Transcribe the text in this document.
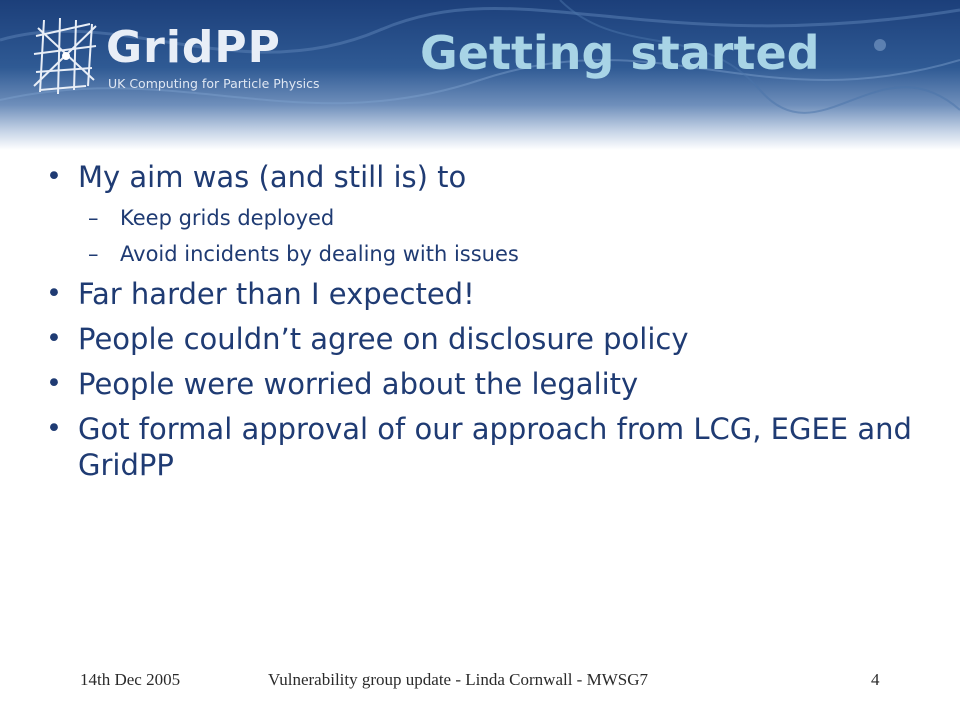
GridPP
UK Computing for Particle Physics
Getting started
• My aim was (and still is) to
– Keep grids deployed
– Avoid incidents by dealing with issues
• Far harder than I expected!
• People couldn’t agree on disclosure policy
• People were worried about the legality
• Got formal approval of our approach from LCG, EGEE and GridPP
14th Dec 2005	Vulnerability group update - Linda Cornwall - MWSG7	4
